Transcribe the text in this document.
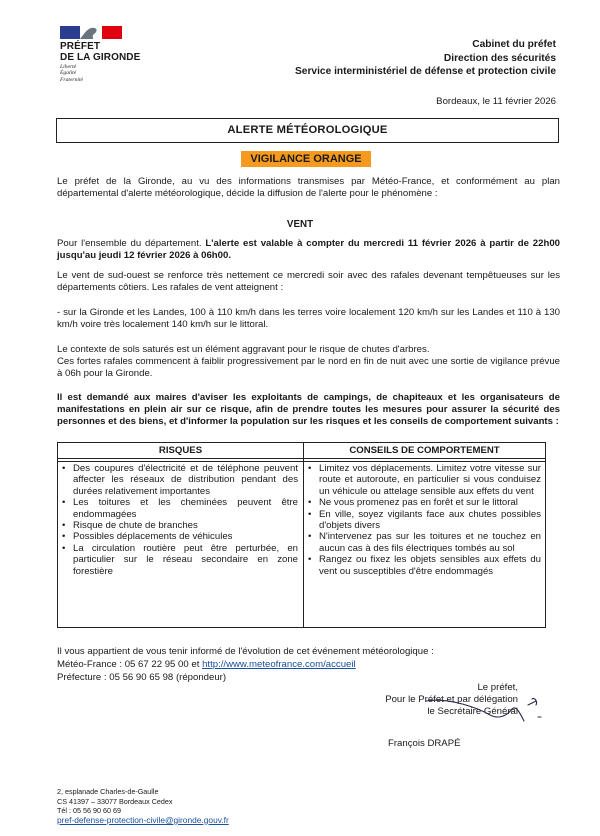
PRÉFET
DE LA GIRONDE
Liberté
Égalité
Fraternité
Cabinet du préfet
Direction des sécurités
Service interministériel de défense et protection civile
Bordeaux, le 11 février 2026
ALERTE MÉTÉOROLOGIQUE
VIGILANCE ORANGE
Le préfet de la Gironde, au vu des informations transmises par Météo-France, et conformément au plan départemental d'alerte météorologique, décide la diffusion de l'alerte pour le phénomène :
VENT
Pour l'ensemble du département. L'alerte est valable à compter du mercredi 11 février 2026 à partir de 22h00 jusqu'au jeudi 12 février 2026 à 06h00.
Le vent de sud-ouest se renforce très nettement ce mercredi soir avec des rafales devenant tempêtueuses sur les départements côtiers. Les rafales de vent atteignent :
- sur la Gironde et les Landes, 100 à 110 km/h dans les terres voire localement 120 km/h sur les Landes et 110 à 130 km/h voire très localement 140 km/h sur le littoral.
Le contexte de sols saturés est un élément aggravant pour le risque de chutes d'arbres.
Ces fortes rafales commencent à faiblir progressivement par le nord en fin de nuit avec une sortie de vigilance prévue à 06h pour la Gironde.
Il est demandé aux maires d'aviser les exploitants de campings, de chapiteaux et les organisateurs de manifestations en plein air sur ce risque, afin de prendre toutes les mesures pour assurer la sécurité des personnes et des biens, et d'informer la population sur les risques et les conseils de comportement suivants :
RISQUES	CONSEILS DE COMPORTEMENT
• Des coupures d'électricité et de téléphone peuvent affecter les réseaux de distribution pendant des durées relativement importantes
• Les toitures et les cheminées peuvent être endommagées
• Risque de chute de branches
• Possibles déplacements de véhicules
• La circulation routière peut être perturbée, en particulier sur le réseau secondaire en zone forestière
• Limitez vos déplacements. Limitez votre vitesse sur route et autoroute, en particulier si vous conduisez un véhicule ou attelage sensible aux effets du vent
• Ne vous promenez pas en forêt et sur le littoral
• En ville, soyez vigilants face aux chutes possibles d'objets divers
• N'intervenez pas sur les toitures et ne touchez en aucun cas à des fils électriques tombés au sol
• Rangez ou fixez les objets sensibles aux effets du vent ou susceptibles d'être endommagés
Il vous appartient de vous tenir informé de l'évolution de cet événement météorologique :
Météo-France : 05 67 22 95 00 et http://www.meteofrance.com/accueil
Préfecture : 05 56 90 65 98 (répondeur)
Le préfet,
Pour le Préfet et par délégation
le Secrétaire Général
François DRAPÉ
2, esplanade Charles-de-Gaulle
CS 41397 – 33077 Bordeaux Cedex
Tél : 05 56 90 60 69
pref-defense-protection-civile@gironde.gouv.fr
